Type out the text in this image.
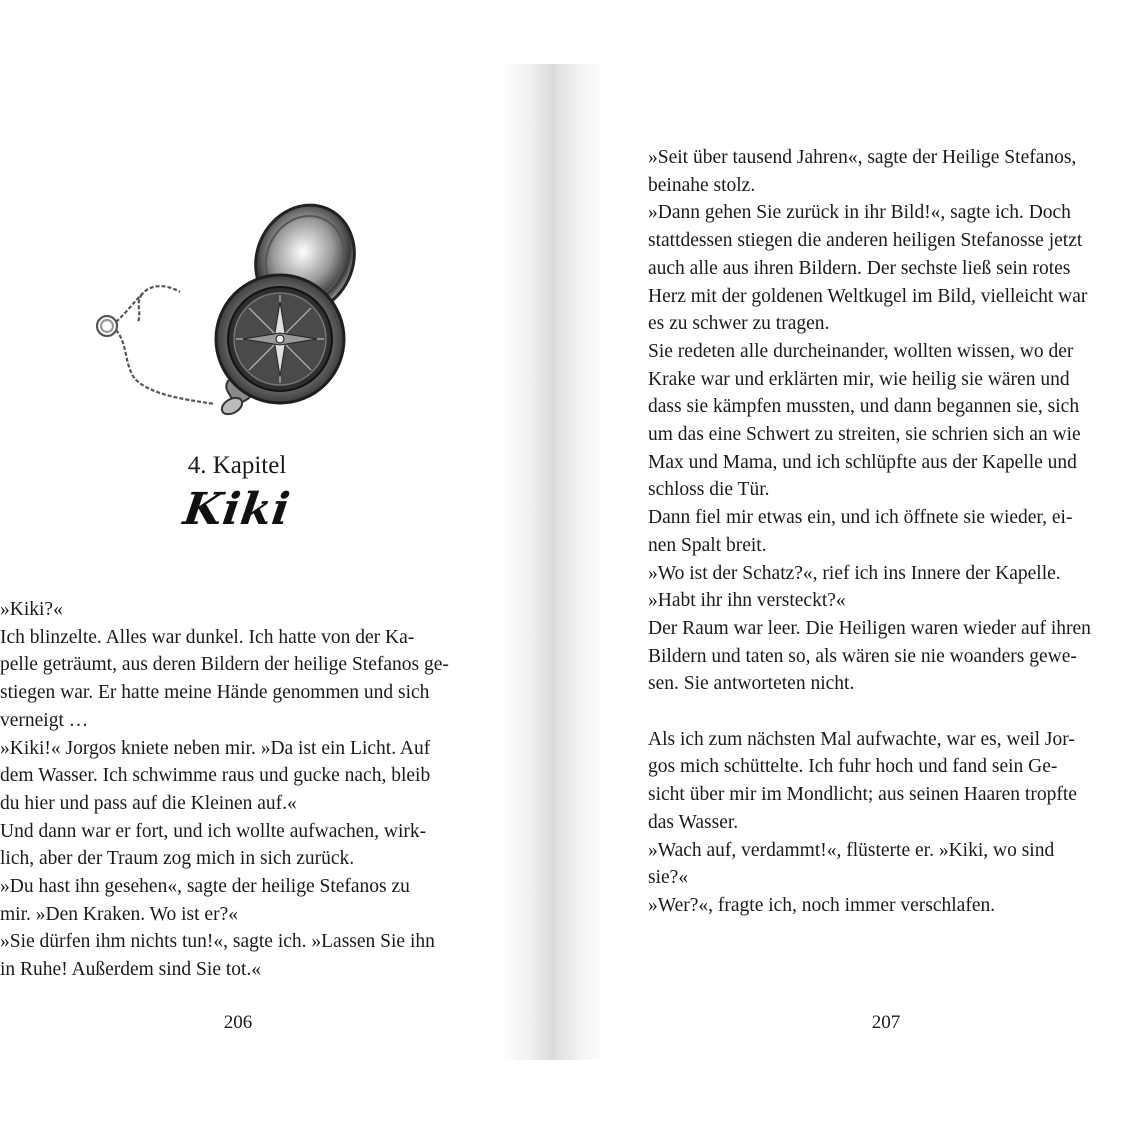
4. Kapitel
Kiki

»Kiki?«

Ich blinzelte. Alles war dunkel. Ich hatte von der Ka-

pelle geträumt, aus deren Bildern der heilige Stefanos ge-

stiegen war. Er hatte meine Hände genommen und sich

verneigt …

»Kiki!« Jorgos kniete neben mir. »Da ist ein Licht. Auf

dem Wasser. Ich schwimme raus und gucke nach, bleib

du hier und pass auf die Kleinen auf.«

Und dann war er fort, und ich wollte aufwachen, wirk-

lich, aber der Traum zog mich in sich zurück.

»Du hast ihn gesehen«, sagte der heilige Stefanos zu

mir. »Den Kraken. Wo ist er?«

»Sie dürfen ihm nichts tun!«, sagte ich. »Lassen Sie ihn

in Ruhe! Außerdem sind Sie tot.«

206

»Seit über tausend Jahren«, sagte der Heilige Stefanos,

beinahe stolz.

»Dann gehen Sie zurück in ihr Bild!«, sagte ich. Doch

stattdessen stiegen die anderen heiligen Stefanosse jetzt

auch alle aus ihren Bildern. Der sechste ließ sein rotes

Herz mit der goldenen Weltkugel im Bild, vielleicht war

es zu schwer zu tragen.

Sie redeten alle durcheinander, wollten wissen, wo der

Krake war und erklärten mir, wie heilig sie wären und

dass sie kämpfen mussten, und dann begannen sie, sich

um das eine Schwert zu streiten, sie schrien sich an wie

Max und Mama, und ich schlüpfte aus der Kapelle und

schloss die Tür.

Dann fiel mir etwas ein, und ich öffnete sie wieder, ei-

nen Spalt breit.

»Wo ist der Schatz?«, rief ich ins Innere der Kapelle.

»Habt ihr ihn versteckt?«

Der Raum war leer. Die Heiligen waren wieder auf ihren

Bildern und taten so, als wären sie nie woanders gewe-

sen. Sie antworteten nicht.

Als ich zum nächsten Mal aufwachte, war es, weil Jor-

gos mich schüttelte. Ich fuhr hoch und fand sein Ge-

sicht über mir im Mondlicht; aus seinen Haaren tropfte

das Wasser.

»Wach auf, verdammt!«, flüsterte er. »Kiki, wo sind

sie?«

»Wer?«, fragte ich, noch immer verschlafen.

207
